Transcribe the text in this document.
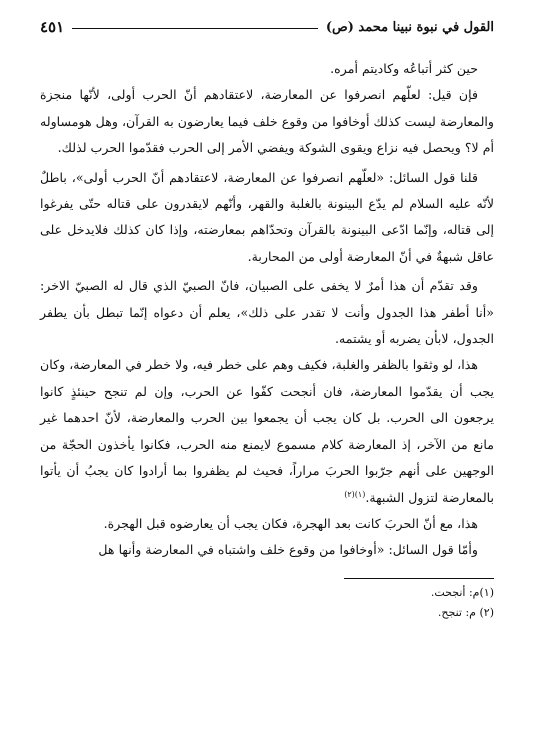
القول في نبوة نبينا محمد (ص)
٤٥١

حين كثر أتباعُه وكاديتم أمره.

فإن قيل: لعلّهم انصرفوا عن المعارضة، لاعتقادهم أنّ الحرب أولى، لأنّها منجزة والمعارضة ليست كذلك أوخافوا من وقوع خلف فيما يعارضون به القرآن، وهل هومساوله أم لا؟ ويحصل فيه نزاع ويقوى الشوكة ويفضي الأمر إلى الحرب فقدّموا الحرب لذلك.

قلنا قول السائل: «لعلّهم انصرفوا عن المعارضة، لاعتقادهم أنّ الحرب أولى»، باطلٌ لأنّه عليه السلام لم يدّع البينونة بالغلبة والقهر، وأنّهم لايقدرون على قتاله حتّى يفرغوا إلى قتاله، وإنّما ادّعى البينونة بالقرآن وتحدّاهم بمعارضته، وإذا كان كذلك فلايدخل على عاقل شبهةٌ في أنّ المعارضة أولى من المحاربة.

وقد تقدّم أن هذا أمرٌ لا يخفى على الصبيان، فانّ الصبيّ الذي قال له الصبيّ الاخر: «أنا أطفر هذا الجدول وأنت لا تقدر على ذلك»، يعلم أن دعواه إنّما تبطل بأن يطفر الجدول، لابأن يضربه أو يشتمه.

هذا، لو وثقوا بالظفر والغلبة، فكيف وهم على خطر فيه، ولا خطر في المعارضة، وكان يجب أن يقدّموا المعارضة، فان أنجحت كفّوا عن الحرب، وإن لم تنجح حينئذٍ كانوا يرجعون الى الحرب. بل كان يجب أن يجمعوا بين الحرب والمعارضة، لأنّ احدهما غير مانع من الآخر، إذ المعارضة كلام مسموع لايمنع منه الحرب، فكانوا يأخذون الحجّة من الوجهين على أنهم جرّبوا الحربَ مراراً، فحيث لم يظفروا بما أرادوا كان يجبُ أن يأتوا بالمعارضة لتزول الشبهة.$^{(١)(٢)}$

هذا، مع أنّ الحربَ كانت بعد الهجرة، فكان يجب أن يعارضوه قبل الهجرة.

وأمّا قول السائل: «أوخافوا من وقوع خلف واشتباه في المعارضة وأنها هل

(١)م: أنجحت.
(٢) م: تنجح.
